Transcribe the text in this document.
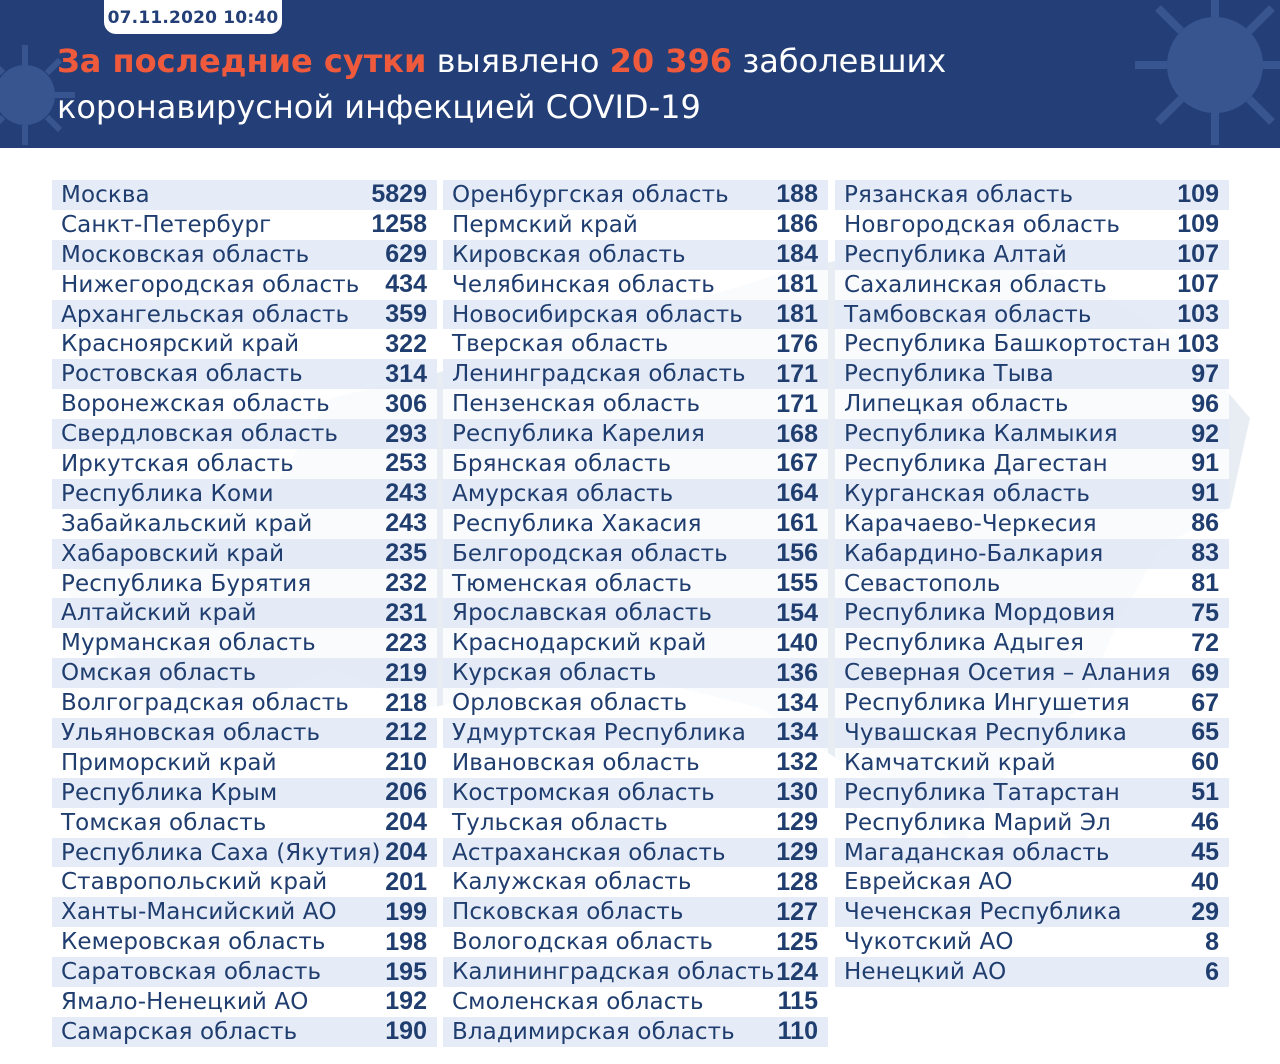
07.11.2020 10:40
За последние сутки выявлено 20 396 заболевших
коронавирусной инфекцией COVID-19
Москва	5829
Санкт-Петербург	1258
Московская область	629
Нижегородская область 434
Архангельская область 359
Красноярский край	322
Ростовская область	314
Воронежская область 306
Свердловская область 293
Иркутская область	253
Республика Коми	243
Забайкальский край	243
Хабаровский край	235
Республика Бурятия	232
Алтайский край	231
Мурманская область	223
Омская область	219
Волгоградская область 218
Ульяновская область	212
Приморский край	210
Республика Крым	206
Томская область	204
Республика Саха (Якутия) 204
Ставропольский край 201
Ханты-Мансийский АО 199
Кемеровская область 198
Саратовская область	195
Ямало-Ненецкий АО	192
Самарская область	190
Оренбургская область 188
Пермский край	186
Кировская область	184
Челябинская область 181
Новосибирская область 181
Тверская область	176
Ленинградская область 171
Пензенская область	171
Республика Карелия	168
Брянская область	167
Амурская область	164
Республика Хакасия	161
Белгородская область 156
Тюменская область	155
Ярославская область	154
Краснодарский край	140
Курская область	136
Орловская область	134
Удмуртская Республика 134
Ивановская область	132
Костромская область 130
Тульская область	129
Астраханская область 129
Калужская область	128
Псковская область	127
Вологодская область	125
Калининградская область 124
Смоленская область	115
Владимирская область 110
Рязанская область	109
Новгородская область 109
Республика Алтай	107
Сахалинская область	107
Тамбовская область	103
Республика Башкортостан 103
Республика Тыва	97
Липецкая область	96
Республика Калмыкия	92
Республика Дагестан	91
Курганская область	91
Карачаево-Черкесия	86
Кабардино-Балкария	83
Севастополь	81
Республика Мордовия	75
Республика Адыгея	72
Северная Осетия – Алания 69
Республика Ингушетия 67
Чувашская Республика	65
Камчатский край	60
Республика Татарстан	51
Республика Марий Эл	46
Магаданская область	45
Еврейская АО	40
Чеченская Республика	29
Чукотский АО	8
Ненецкий АО	6
